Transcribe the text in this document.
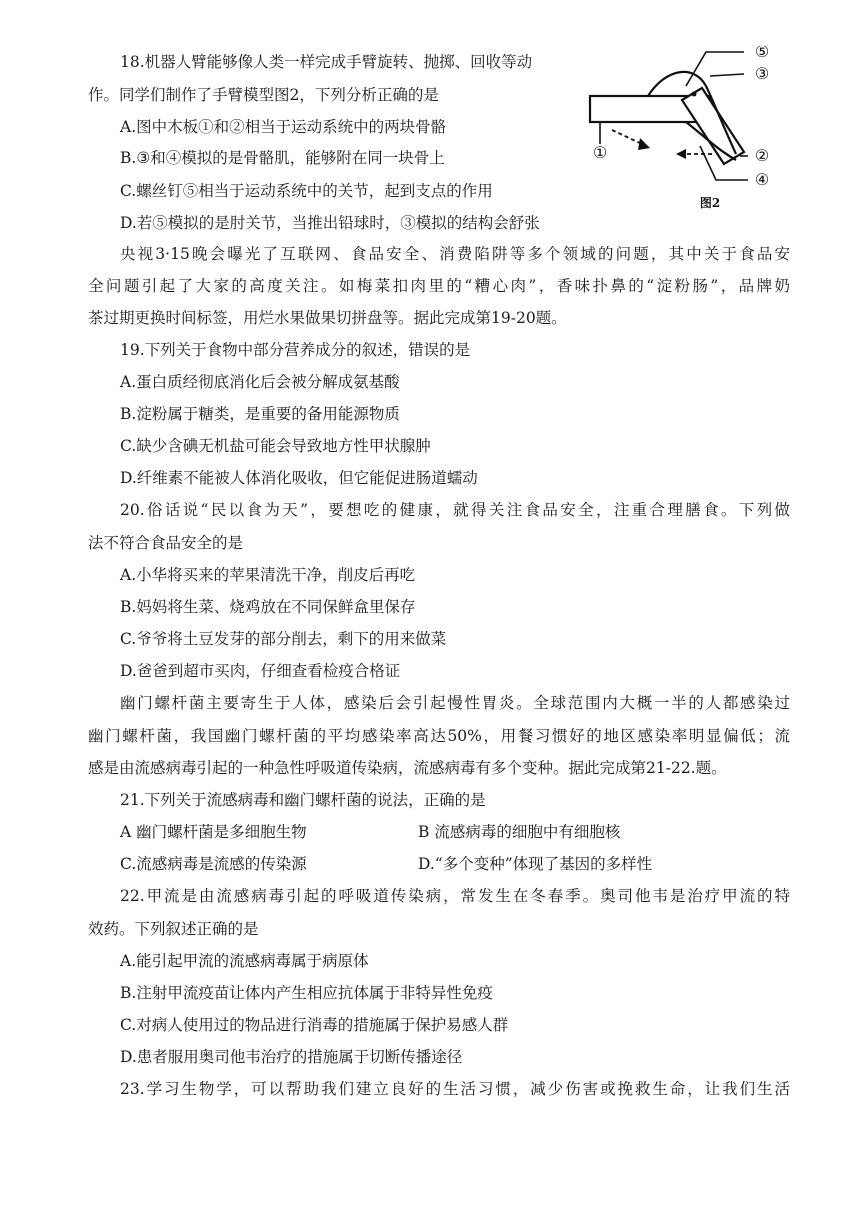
18.机器人臂能够像人类一样完成手臂旋转、抛掷、回收等动
作。同学们制作了手臂模型图2，下列分析正确的是
A.图中木板①和②相当于运动系统中的两块骨骼
B.③和④模拟的是骨骼肌，能够附在同一块骨上
C.螺丝钉⑤相当于运动系统中的关节，起到支点的作用
D.若⑤模拟的是肘关节，当推出铅球时，③模拟的结构会舒张
①	②
③
④
⑤
图2
央视3·15晚会曝光了互联网、食品安全、消费陷阱等多个领域的问题，其中关于食品安
全问题引起了大家的高度关注。如梅菜扣肉里的“糟心肉”，香味扑鼻的“淀粉肠”，品牌奶
茶过期更换时间标签，用烂水果做果切拼盘等。据此完成第19-20题。
19.下列关于食物中部分营养成分的叙述，错误的是
A.蛋白质经彻底消化后会被分解成氨基酸
B.淀粉属于糖类，是重要的备用能源物质
C.缺少含碘无机盐可能会导致地方性甲状腺肿
D.纤维素不能被人体消化吸收，但它能促进肠道蠕动
20.俗话说“民以食为天”，要想吃的健康，就得关注食品安全，注重合理膳食。下列做
法不符合食品安全的是
A.小华将买来的苹果清洗干净，削皮后再吃
B.妈妈将生菜、烧鸡放在不同保鲜盒里保存
C.爷爷将土豆发芽的部分削去，剩下的用来做菜
D.爸爸到超市买肉，仔细查看检疫合格证
幽门螺杆菌主要寄生于人体，感染后会引起慢性胃炎。全球范围内大概一半的人都感染过
幽门螺杆菌，我国幽门螺杆菌的平均感染率高达50%，用餐习惯好的地区感染率明显偏低；流
感是由流感病毒引起的一种急性呼吸道传染病，流感病毒有多个变种。据此完成第21-22.题。
21.下列关于流感病毒和幽门螺杆菌的说法，正确的是
A 幽门螺杆菌是多细胞生物	B 流感病毒的细胞中有细胞核
C.流感病毒是流感的传染源	D.“多个变种”体现了基因的多样性
22.甲流是由流感病毒引起的呼吸道传染病，常发生在冬春季。奥司他韦是治疗甲流的特
效药。下列叙述正确的是
A.能引起甲流的流感病毒属于病原体
B.注射甲流疫苗让体内产生相应抗体属于非特异性免疫
C.对病人使用过的物品进行消毒的措施属于保护易感人群
D.患者服用奥司他韦治疗的措施属于切断传播途径
23.学习生物学，可以帮助我们建立良好的生活习惯，减少伤害或挽救生命，让我们生活
